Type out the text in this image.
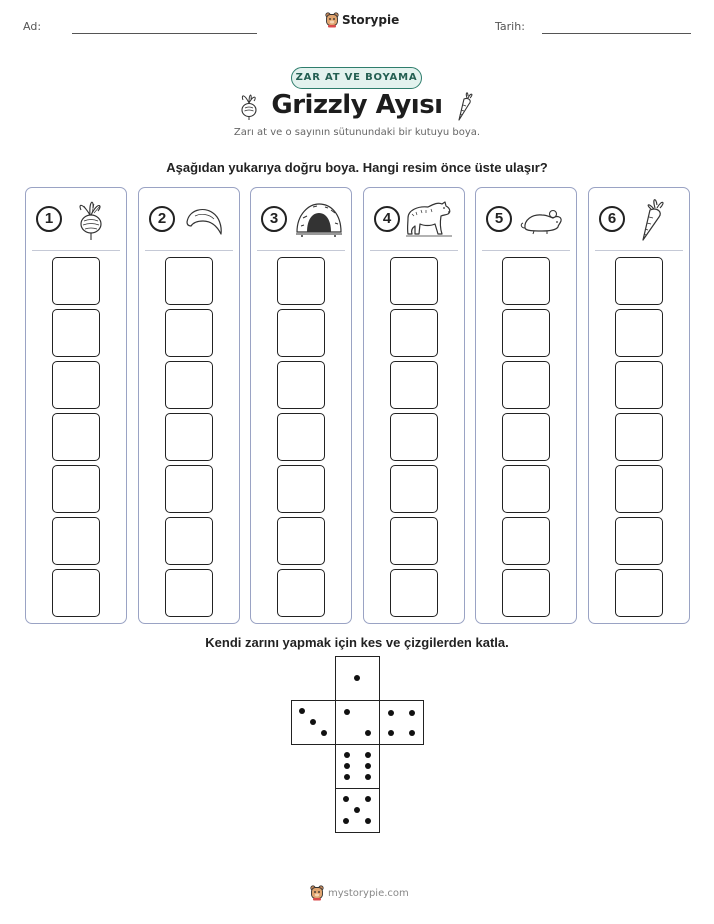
Ad:	Tarih:
Storypie
ZAR AT VE BOYAMA
Grizzly Ayısı
Zarı at ve o sayının sütunundaki bir kutuyu boya.
Aşağıdan yukarıya doğru boya. Hangi resim önce üste ulaşır?
1	2	3	4	5	6
Kendi zarını yapmak için kes ve çizgilerden katla.
mystorypie.com
